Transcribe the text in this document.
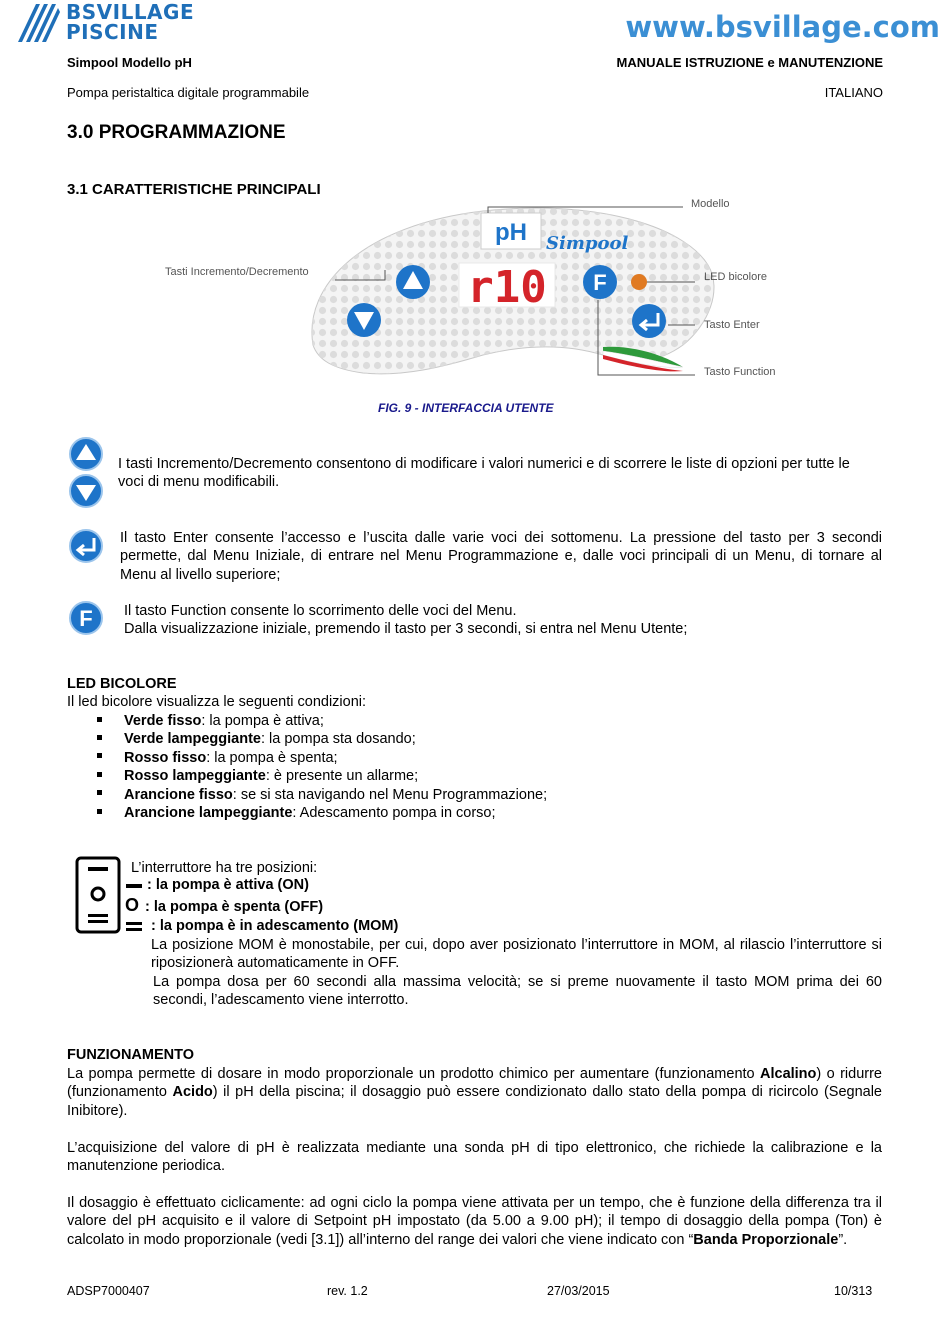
BSVILLAGE
PISCINE	www.bsvillage.com
Simpool Modello pH	MANUALE ISTRUZIONE e MANUTENZIONE
Pompa peristaltica digitale programmabile	ITALIANO
3.0 PROGRAMMAZIONE
3.1 CARATTERISTICHE PRINCIPALI
pH Simpool
r10 F
Modello
Tasti Incremento/Decremento	LED bicolore
Tasto Enter
Tasto Function
FIG. 9 - INTERFACCIA UTENTE
I tasti Incremento/Decremento consentono di modificare i valori numerici e di scorrere le liste di opzioni per tutte le voci di menu modificabili.
Il tasto Enter consente l’accesso e l’uscita dalle varie voci dei sottomenu. La pressione del tasto per 3 secondi permette, dal Menu Iniziale, di entrare nel Menu Programmazione e, dalle voci principali di un Menu, di tornare al Menu al livello superiore;
F Il tasto Function consente lo scorrimento delle voci del Menu.
Dalla visualizzazione iniziale, premendo il tasto per 3 secondi, si entra nel Menu Utente;
LED BICOLORE
Il led bicolore visualizza le seguenti condizioni:
Verde fisso: la pompa è attiva;
Verde lampeggiante: la pompa sta dosando;
Rosso fisso: la pompa è spenta;
Rosso lampeggiante: è presente un allarme;
Arancione fisso: se si sta navigando nel Menu Programmazione;
Arancione lampeggiante: Adescamento pompa in corso;
L’interruttore ha tre posizioni:
: la pompa è attiva (ON)
O : la pompa è spenta (OFF)
: la pompa è in adescamento (MOM)
La posizione MOM è monostabile, per cui, dopo aver posizionato l’interruttore in MOM, al rilascio l’interruttore si riposizionerà automaticamente in OFF.
La pompa dosa per 60 secondi alla massima velocità; se si preme nuovamente il tasto MOM prima dei 60 secondi, l’adescamento viene interrotto.
FUNZIONAMENTO
La pompa permette di dosare in modo proporzionale un prodotto chimico per aumentare (funzionamento Alcalino) o ridurre (funzionamento Acido) il pH della piscina; il dosaggio può essere condizionato dallo stato della pompa di ricircolo (Segnale Inibitore).
L’acquisizione del valore di pH è realizzata mediante una sonda pH di tipo elettronico, che richiede la calibrazione e la manutenzione periodica.
Il dosaggio è effettuato ciclicamente: ad ogni ciclo la pompa viene attivata per un tempo, che è funzione della differenza tra il valore del pH acquisito e il valore di Setpoint pH impostato (da 5.00 a 9.00 pH); il tempo di dosaggio della pompa (Ton) è calcolato in modo proporzionale (vedi [3.1]) all’interno del range dei valori che viene indicato con “Banda Proporzionale”.
ADSP7000407	rev. 1.2	27/03/2015	10/313
